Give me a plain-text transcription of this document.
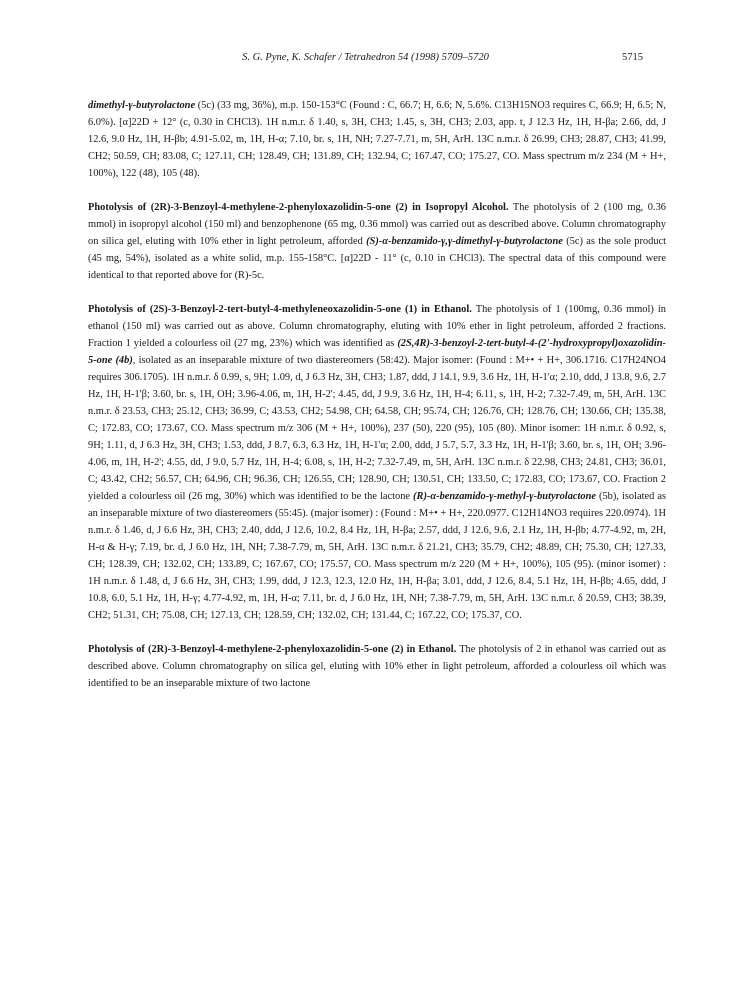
S. G. Pyne, K. Schafer / Tetrahedron 54 (1998) 5709–5720	5715

dimethyl-γ-butyrolactone (5c) (33 mg, 36%), m.p. 150-153°C (Found : C, 66.7; H, 6.6; N, 5.6%. C13H15NO3 requires C, 66.9; H, 6.5; N, 6.0%). [α]22D + 12° (c, 0.30 in CHCl3). 1H n.m.r. δ 1.40, s, 3H, CH3; 1.45, s, 3H, CH3; 2.03, app. t, J 12.3 Hz, 1H, H-βa; 2.66, dd, J 12.6, 9.0 Hz, 1H, H-βb; 4.91-5.02, m, 1H, H-α; 7.10, br. s, 1H, NH; 7.27-7.71, m, 5H, ArH. 13C n.m.r. δ 26.99, CH3; 28.87, CH3; 41.99, CH2; 50.59, CH; 83.08, C; 127.11, CH; 128.49, CH; 131.89, CH; 132.94, C; 167.47, CO; 175.27, CO. Mass spectrum m/z 234 (M + H+, 100%), 122 (48), 105 (48).

Photolysis of (2R)-3-Benzoyl-4-methylene-2-phenyloxazolidin-5-one (2) in Isopropyl Alcohol. The photolysis of 2 (100 mg, 0.36 mmol) in isopropyl alcohol (150 ml) and benzophenone (65 mg, 0.36 mmol) was carried out as described above. Column chromatography on silica gel, eluting with 10% ether in light petroleum, afforded (S)-α-benzamido-γ,γ-dimethyl-γ-butyrolactone (5c) as the sole product (45 mg, 54%), isolated as a white solid, m.p. 155-158°C. [α]22D - 11° (c, 0.10 in CHCl3). The spectral data of this compound were identical to that reported above for (R)-5c.

Photolysis of (2S)-3-Benzoyl-2-tert-butyl-4-methyleneoxazolidin-5-one (1) in Ethanol. The photolysis of 1 (100mg, 0.36 mmol) in ethanol (150 ml) was carried out as above. Column chromatography, eluting with 10% ether in light petroleum, afforded 2 fractions. Fraction 1 yielded a colourless oil (27 mg, 23%) which was identified as (2S,4R)-3-benzoyl-2-tert-butyl-4-(2'-hydroxypropyl)oxazolidin-5-one (4b), isolated as an inseparable mixture of two diastereomers (58:42). Major isomer: (Found : M+• + H+, 306.1716. C17H24NO4 requires 306.1705). 1H n.m.r. δ 0.99, s, 9H; 1.09, d, J 6.3 Hz, 3H, CH3; 1.87, ddd, J 14.1, 9.9, 3.6 Hz, 1H, H-1'α; 2.10, ddd, J 13.8, 9.6, 2.7 Hz, 1H, H-1'β; 3.60, br. s, 1H, OH; 3.96-4.06, m, 1H, H-2'; 4.45, dd, J 9.9, 3.6 Hz, 1H, H-4; 6.11, s, 1H, H-2; 7.32-7.49, m, 5H, ArH. 13C n.m.r. δ 23.53, CH3; 25.12, CH3; 36.99, C; 43.53, CH2; 54.98, CH; 64.58, CH; 95.74, CH; 126.76, CH; 128.76, CH; 130.66, CH; 135.38, C; 172.83, CO; 173.67, CO. Mass spectrum m/z 306 (M + H+, 100%), 237 (50), 220 (95), 105 (80). Minor isomer: 1H n.m.r. δ 0.92, s, 9H; 1.11, d, J 6.3 Hz, 3H, CH3; 1.53, ddd, J 8.7, 6.3, 6.3 Hz, 1H, H-1'α; 2.00, ddd, J 5.7, 5.7, 3.3 Hz, 1H, H-1'β; 3.60, br. s, 1H, OH; 3.96-4.06, m, 1H, H-2'; 4.55, dd, J 9.0, 5.7 Hz, 1H, H-4; 6.08, s, 1H, H-2; 7.32-7.49, m, 5H, ArH. 13C n.m.r. δ 22.98, CH3; 24.81, CH3; 36.01, C; 43.42, CH2; 56.57, CH; 64.96, CH; 96.36, CH; 126.55, CH; 128.90, CH; 130.51, CH; 133.50, C; 172.83, CO; 173.67, CO. Fraction 2 yielded a colourless oil (26 mg, 30%) which was identified to be the lactone (R)-α-benzamido-γ-methyl-γ-butyrolactone (5b), isolated as an inseparable mixture of two diastereomers (55:45). (major isomer) : (Found : M+• + H+, 220.0977. C12H14NO3 requires 220.0974). 1H n.m.r. δ 1.46, d, J 6.6 Hz, 3H, CH3; 2.40, ddd, J 12.6, 10.2, 8.4 Hz, 1H, H-βa; 2.57, ddd, J 12.6, 9.6, 2.1 Hz, 1H, H-βb; 4.77-4.92, m, 2H, H-α & H-γ; 7.19, br. d, J 6.0 Hz, 1H, NH; 7.38-7.79, m, 5H, ArH. 13C n.m.r. δ 21.21, CH3; 35.79, CH2; 48.89, CH; 75.30, CH; 127.33, CH; 128.39, CH; 132.02, CH; 133.89, C; 167.67, CO; 175.57, CO. Mass spectrum m/z 220 (M + H+, 100%), 105 (95). (minor isomer) : 1H n.m.r. δ 1.48, d, J 6.6 Hz, 3H, CH3; 1.99, ddd, J 12.3, 12.3, 12.0 Hz, 1H, H-βa; 3.01, ddd, J 12.6, 8.4, 5.1 Hz, 1H, H-βb; 4.65, ddd, J 10.8, 6.0, 5.1 Hz, 1H, H-γ; 4.77-4.92, m, 1H, H-α; 7.11, br. d, J 6.0 Hz, 1H, NH; 7.38-7.79, m, 5H, ArH. 13C n.m.r. δ 20.59, CH3; 38.39, CH2; 51.31, CH; 75.08, CH; 127.13, CH; 128.59, CH; 132.02, CH; 131.44, C; 167.22, CO; 175.37, CO.

Photolysis of (2R)-3-Benzoyl-4-methylene-2-phenyloxazolidin-5-one (2) in Ethanol. The photolysis of 2 in ethanol was carried out as described above. Column chromatography on silica gel, eluting with 10% ether in light petroleum, afforded a colourless oil which was identified to be an inseparable mixture of two lactone
